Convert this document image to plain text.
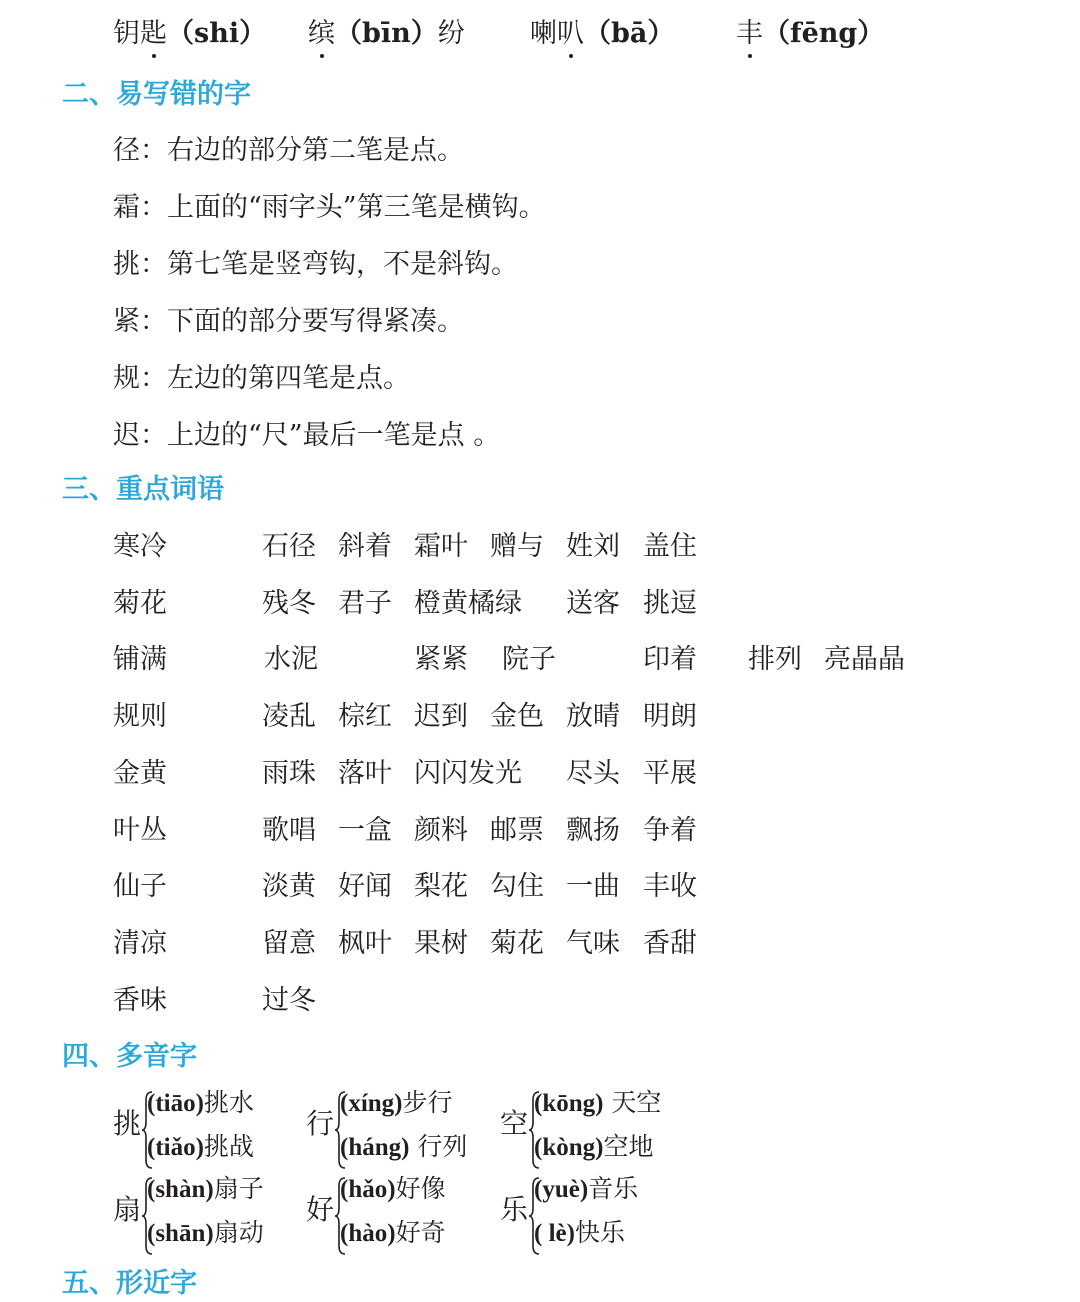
钥匙（shi） 缤（bīn）纷 喇叭（bā） 丰（fēng）
二、易写错的字
径：右边的部分第二笔是点。
霜：上面的“雨字头”第三笔是横钩。
挑：第七笔是竖弯钩，不是斜钩。
紧：下面的部分要写得紧凑。
规：左边的第四笔是点。
迟：上边的“尺”最后一笔是点 。
三、重点词语
寒冷	石径 斜着 霜叶 赠与 姓刘 盖住
菊花	残冬 君子 橙黄橘绿 送客 挑逗
铺满	水泥	紧紧 院子	印着 排列 亮晶晶
规则	凌乱 棕红 迟到 金色 放晴 明朗
金黄	雨珠 落叶 闪闪发光 尽头 平展
叶丛	歌唱 一盒 颜料 邮票 飘扬 争着
仙子	淡黄 好闻 梨花 勾住 一曲 丰收
清凉	留意 枫叶 果树 菊花 气味 香甜
香味	过冬
四、多音字
挑
(tiāo)挑水
(tiǎo)挑战
行
(xíng)步行
(háng) 行列
空
(kōng) 天空
(kòng)空地
扇
(shàn)扇子
(shān)扇动
好
(hǎo)好像
(hào)好奇
乐
(yuè)音乐
( lè)快乐
五、形近字
